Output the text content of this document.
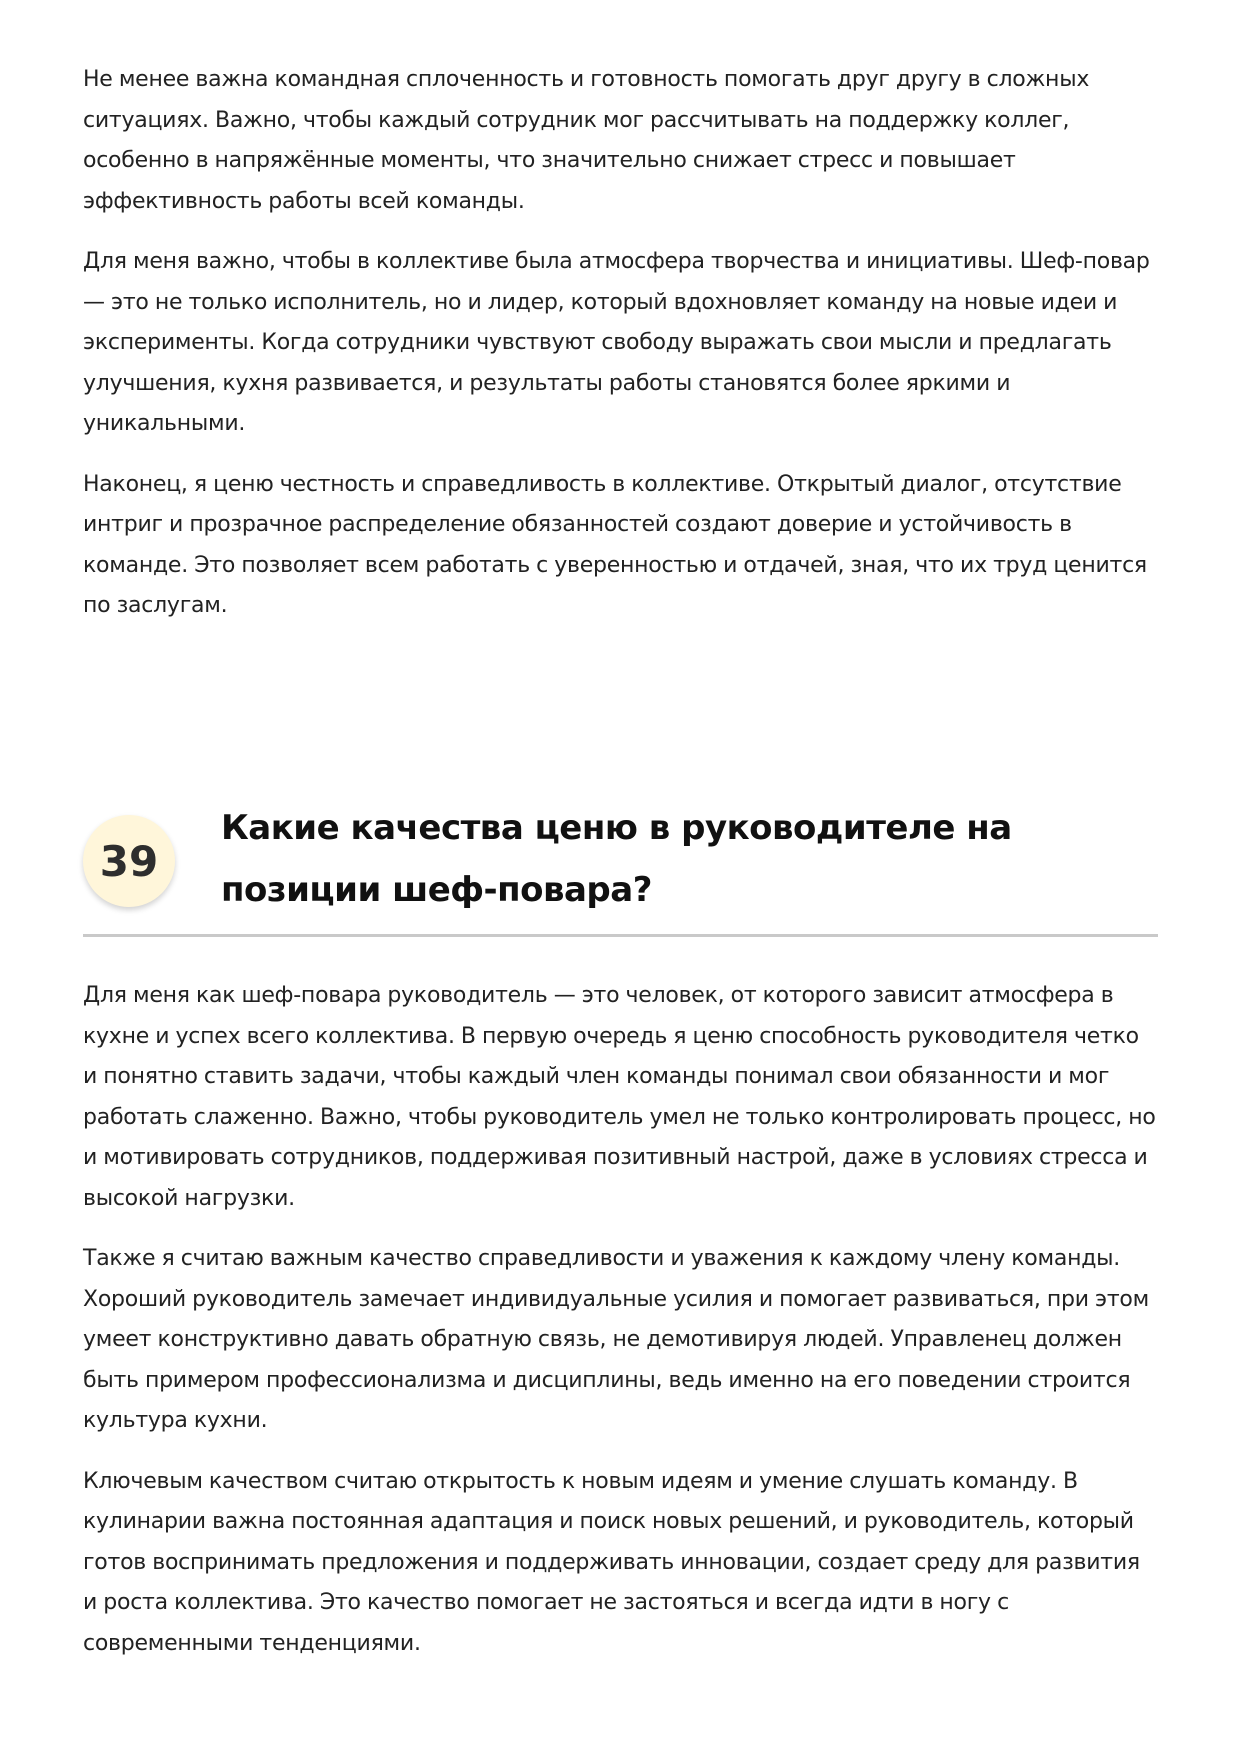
Не менее важна командная сплоченность и готовность помогать друг другу в сложных ситуациях. Важно, чтобы каждый сотрудник мог рассчитывать на поддержку коллег, особенно в напряжённые моменты, что значительно снижает стресс и повышает эффективность работы всей команды.

Для меня важно, чтобы в коллективе была атмосфера творчества и инициативы. Шеф-повар — это не только исполнитель, но и лидер, который вдохновляет команду на новые идеи и эксперименты. Когда сотрудники чувствуют свободу выражать свои мысли и предлагать улучшения, кухня развивается, и результаты работы становятся более яркими и уникальными.

Наконец, я ценю честность и справедливость в коллективе. Открытый диалог, отсутствие интриг и прозрачное распределение обязанностей создают доверие и устойчивость в команде. Это позволяет всем работать с уверенностью и отдачей, зная, что их труд ценится по заслугам.

39
Какие качества ценю в руководителе на позиции шеф-повара?

Для меня как шеф-повара руководитель — это человек, от которого зависит атмосфера в кухне и успех всего коллектива. В первую очередь я ценю способность руководителя четко и понятно ставить задачи, чтобы каждый член команды понимал свои обязанности и мог работать слаженно. Важно, чтобы руководитель умел не только контролировать процесс, но и мотивировать сотрудников, поддерживая позитивный настрой, даже в условиях стресса и высокой нагрузки.

Также я считаю важным качество справедливости и уважения к каждому члену команды. Хороший руководитель замечает индивидуальные усилия и помогает развиваться, при этом умеет конструктивно давать обратную связь, не демотивируя людей. Управленец должен быть примером профессионализма и дисциплины, ведь именно на его поведении строится культура кухни.

Ключевым качеством считаю открытость к новым идеям и умение слушать команду. В кулинарии важна постоянная адаптация и поиск новых решений, и руководитель, который готов воспринимать предложения и поддерживать инновации, создает среду для развития и роста коллектива. Это качество помогает не застояться и всегда идти в ногу с современными тенденциями.
